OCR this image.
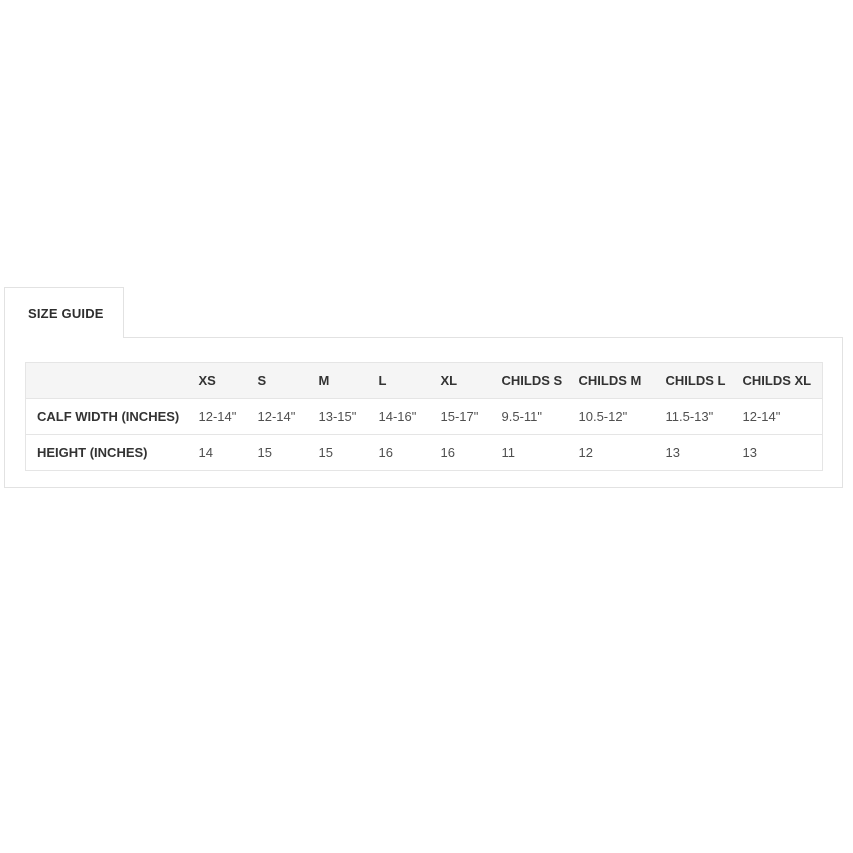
SIZE GUIDE
	XS	S	M	L	XL	CHILDS S	CHILDS M	CHILDS L	CHILDS XL
CALF WIDTH (INCHES)	12-14"	12-14"	13-15"	14-16"	15-17"	9.5-11"	10.5-12"	11.5-13"	12-14"
HEIGHT (INCHES)	14	15	15	16	16	11	12	13	13
